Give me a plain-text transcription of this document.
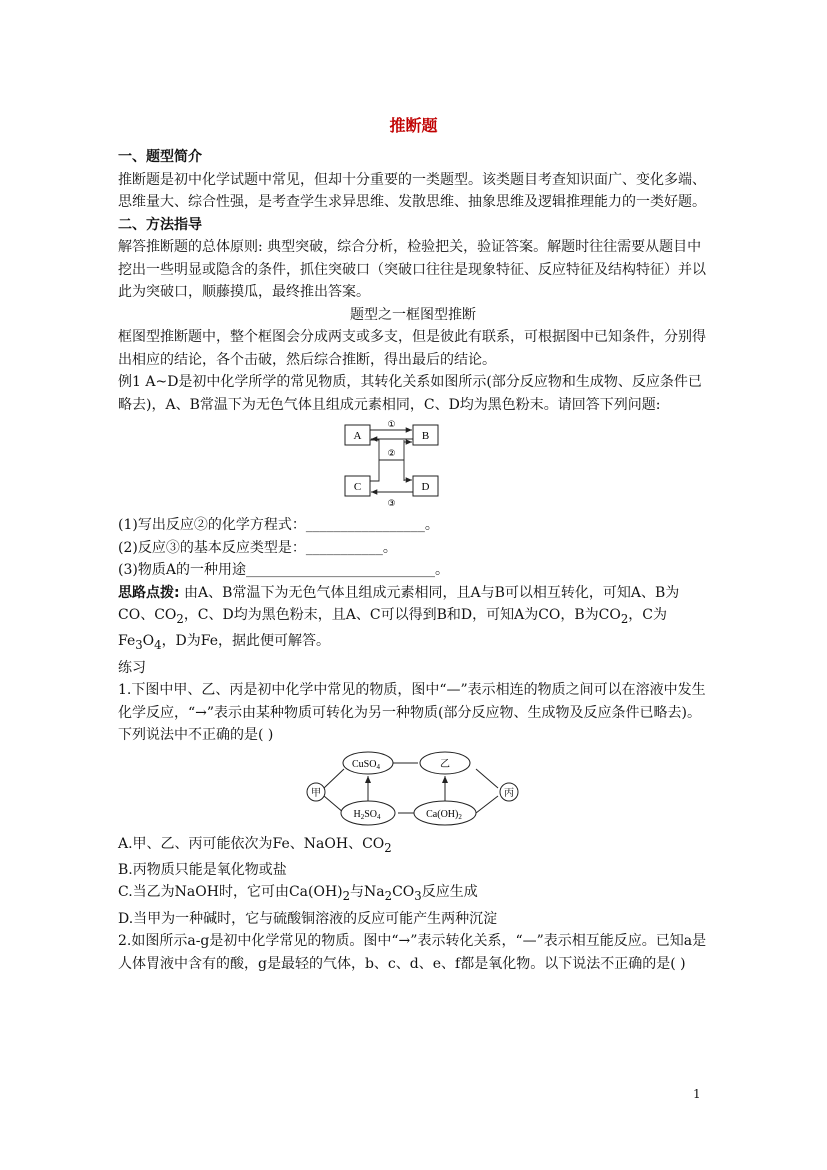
推断题

一、题型简介

推断题是初中化学试题中常见，但却十分重要的一类题型。该类题目考查知识面广、变化多端、思维量大、综合性强，是考查学生求异思维、发散思维、抽象思维及逻辑推理能力的一类好题。

二、方法指导

解答推断题的总体原则: 典型突破，综合分析，检验把关，验证答案。解题时往往需要从题目中挖出一些明显或隐含的条件，抓住突破口（突破口往往是现象特征、反应特征及结构特征）并以此为突破口，顺藤摸瓜，最终推出答案。

题型之一框图型推断

框图型推断题中，整个框图会分成两支或多支，但是彼此有联系，可根据图中已知条件，分别得出相应的结论，各个击破，然后综合推断，得出最后的结论。

例1 A~D是初中化学所学的常见物质，其转化关系如图所示(部分反应物和生成物、反应条件已略去)，A、B常温下为无色气体且组成元素相同，C、D均为黑色粉末。请回答下列问题:

A	B
C	D
①
②
③

(1)写出反应②的化学方程式：_________________。

(2)反应③的基本反应类型是：___________。

(3)物质A的一种用途___________________________。

思路点拨: 由A、B常温下为无色气体且组成元素相同，且A与B可以相互转化，可知A、B为CO、$CO_2$，C、D均为黑色粉末，且A、C可以得到B和D，可知A为CO，B为$CO_2$，C为$Fe_3O_4$，D为Fe，据此便可解答。

练习

1.下图中甲、乙、丙是初中化学中常见的物质，图中“—”表示相连的物质之间可以在溶液中发生化学反应，“→”表示由某种物质可转化为另一种物质(部分反应物、生成物及反应条件已略去)。下列说法中不正确的是( )

甲	丙
CuSO$_4$	乙
$H_2SO_4$	$Ca(OH)_2$

A.甲、乙、丙可能依次为Fe、NaOH、$CO_2$

B.丙物质只能是氧化物或盐

C.当乙为NaOH时，它可由$Ca(OH)_2$与$Na_2CO_3$反应生成

D.当甲为一种碱时，它与硫酸铜溶液的反应可能产生两种沉淀

2.如图所示a-g是初中化学常见的物质。图中“→”表示转化关系，“—”表示相互能反应。已知a是人体胃液中含有的酸，g是最轻的气体，b、c、d、e、f都是氧化物。以下说法不正确的是( )

1
